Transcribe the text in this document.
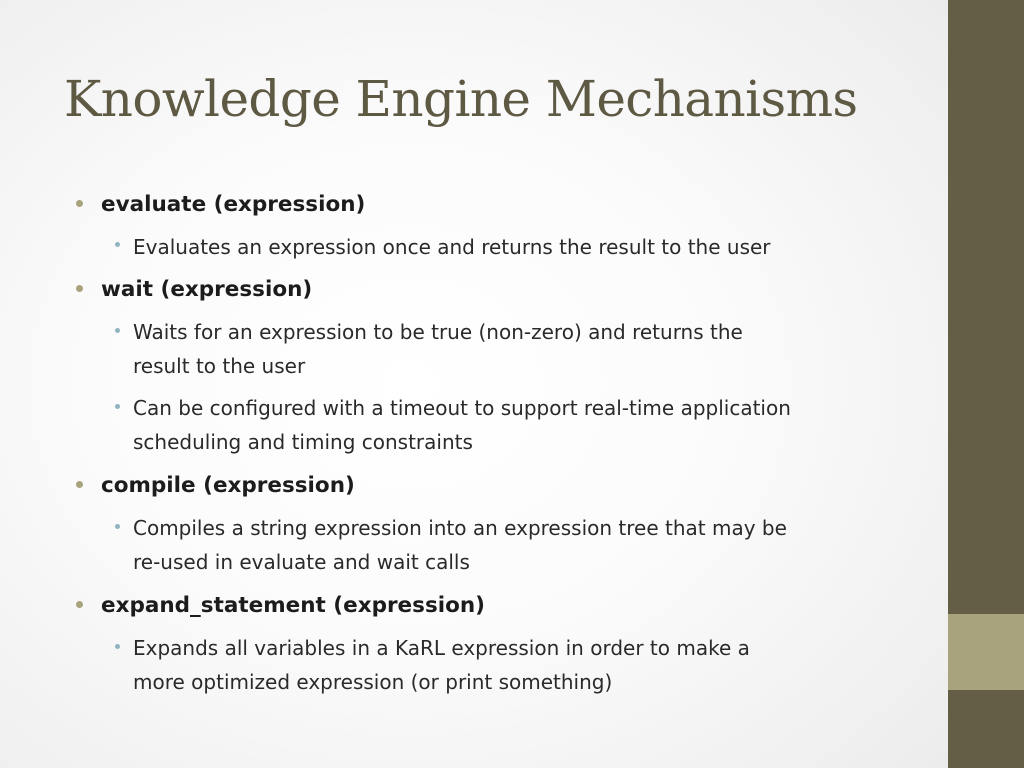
Knowledge Engine Mechanisms
evaluate (expression)
Evaluates an expression once and returns the result to the user
wait (expression)
Waits for an expression to be true (non-zero) and returns the
result to the user
Can be configured with a timeout to support real-time application
scheduling and timing constraints
compile (expression)
Compiles a string expression into an expression tree that may be
re-used in evaluate and wait calls
expand_statement (expression)
Expands all variables in a KaRL expression in order to make a
more optimized expression (or print something)
